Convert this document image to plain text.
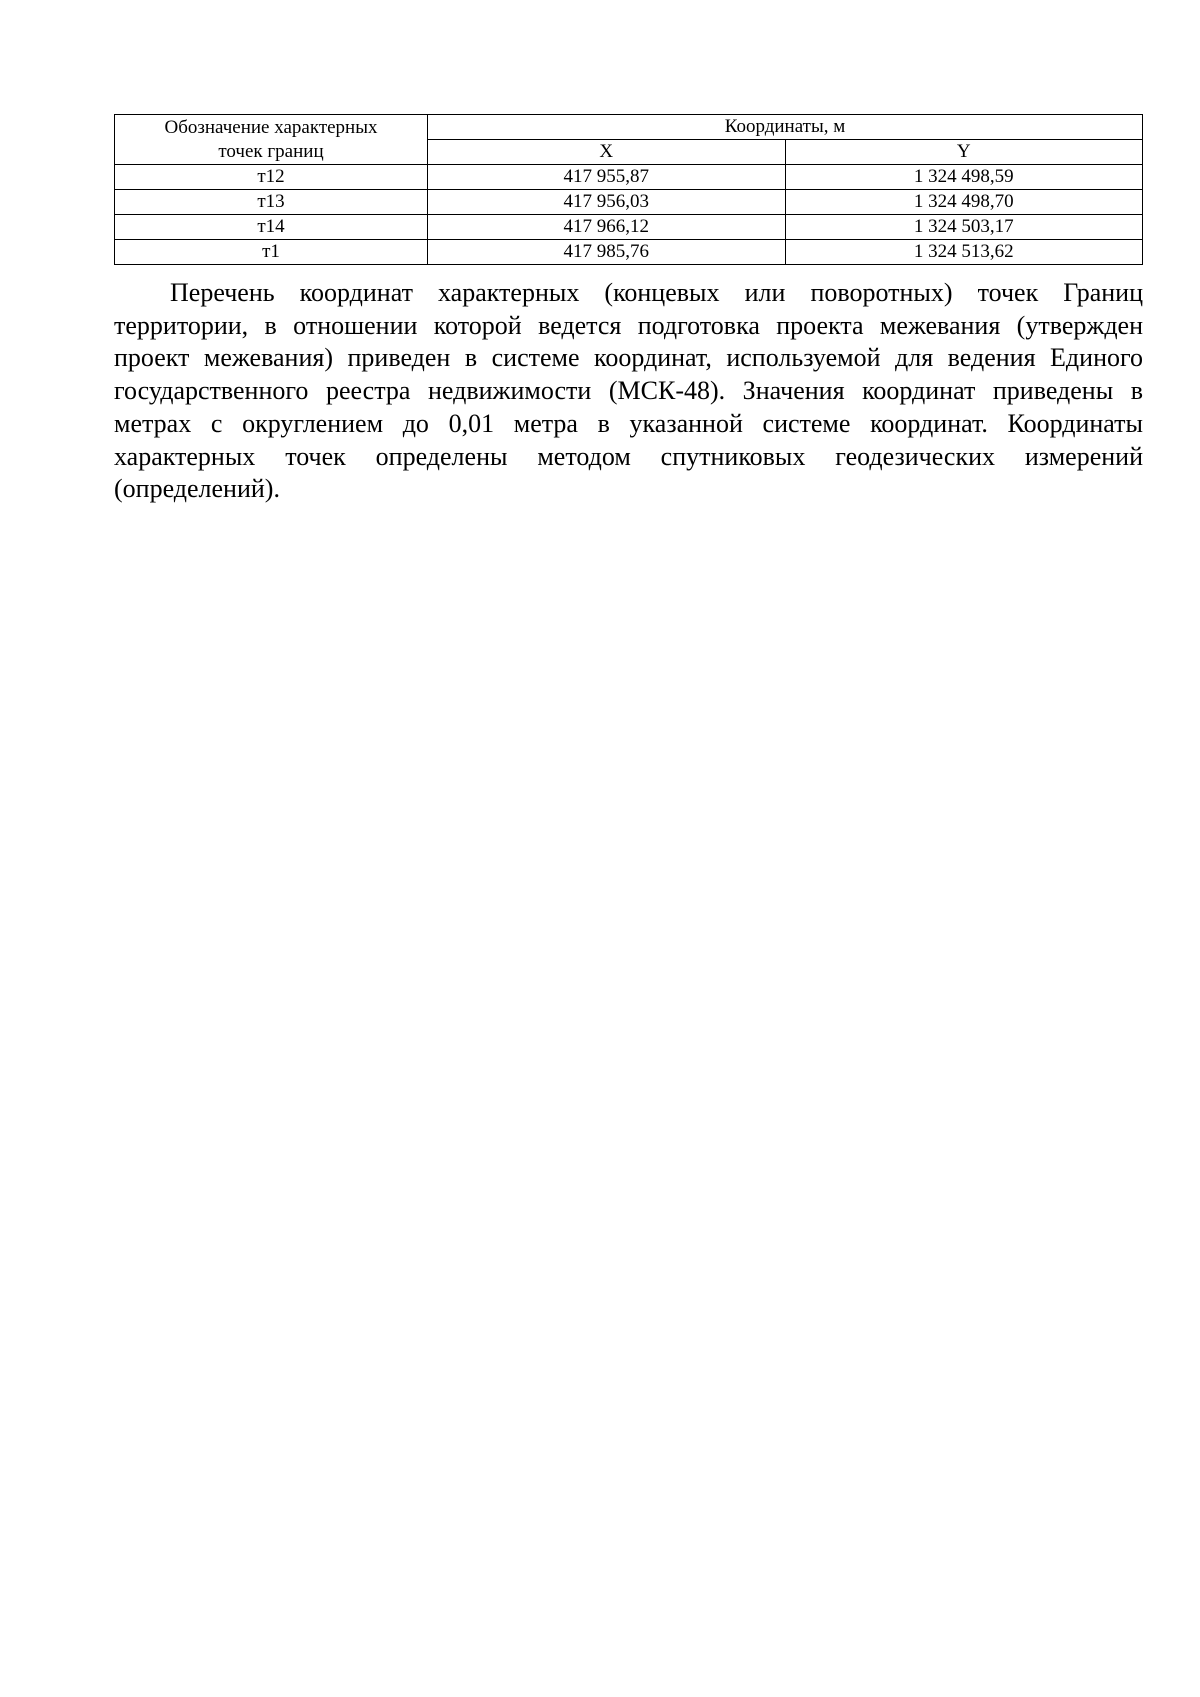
Обозначение характерных
точек границ	Координаты, м	
	X	Y
т12	417 955,87	1 324 498,59
т13	417 956,03	1 324 498,70
т14	417 966,12	1 324 503,17
т1	417 985,76	1 324 513,62

Перечень координат характерных (концевых или поворотных) точек Границ территории, в отношении которой ведется подготовка проекта межевания (утвержден проект межевания) приведен в системе координат, используемой для ведения Единого государственного реестра недвижимости (МСК-48). Значения координат приведены в метрах с округлением до 0,01 метра в указанной системе координат. Координаты характерных точек определены методом спутниковых геодезических измерений (определений).
